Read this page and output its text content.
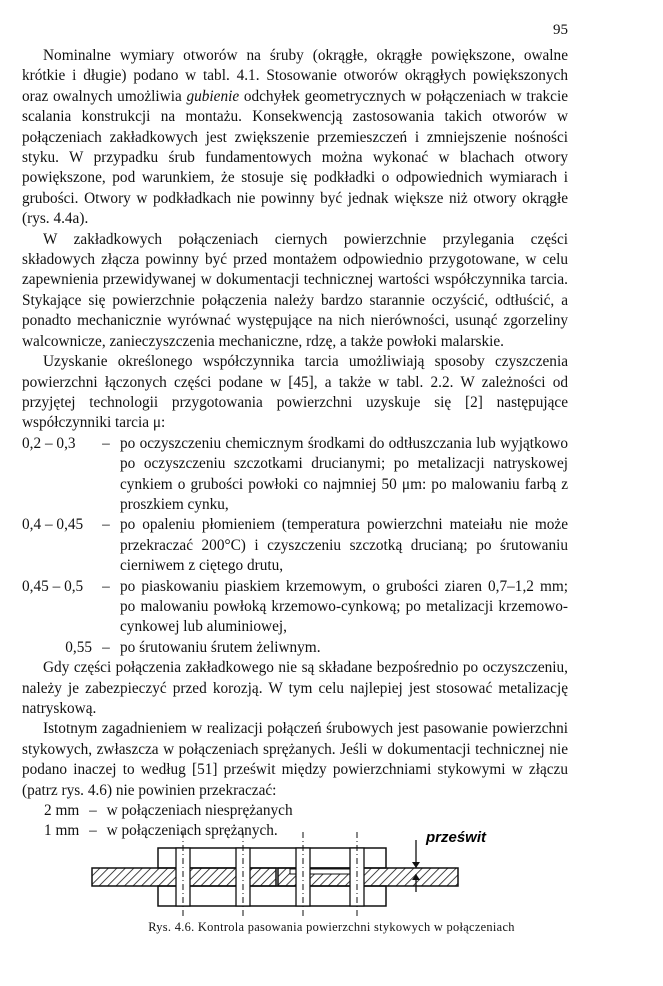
95

Nominalne wymiary otworów na śruby (okrągłe, okrągłe powiększone, owalne krótkie i długie) podano w tabl. 4.1. Stosowanie otworów okrągłych powiększonych oraz owalnych umożliwia gubienie odchyłek geometrycznych w połączeniach w trakcie scalania konstrukcji na montażu. Konsekwencją zastosowania takich otworów w połączeniach zakładkowych jest zwiększenie przemieszczeń i zmniejszenie nośności styku. W przypadku śrub fundamentowych można wykonać w blachach otwory powiększone, pod warunkiem, że stosuje się podkładki o odpowiednich wymiarach i grubości. Otwory w podkładkach nie powinny być jednak większe niż otwory okrągłe (rys. 4.4a).

W zakładkowych połączeniach ciernych powierzchnie przylegania części składowych złącza powinny być przed montażem odpowiednio przygotowane, w celu zapewnienia przewidywanej w dokumentacji technicznej wartości współczynnika tarcia. Stykające się powierzchnie połączenia należy bardzo starannie oczyścić, odtłuścić, a ponadto mechanicznie wyrównać występujące na nich nierówności, usunąć zgorzeliny walcownicze, zanieczyszczenia mechaniczne, rdzę, a także powłoki malarskie.

Uzyskanie określonego współczynnika tarcia umożliwiają sposoby czyszczenia powierzchni łączonych części podane w [45], a także w tabl. 2.2. W zależności od przyjętej technologii przygotowania powierzchni uzyskuje się [2] następujące współczynniki tarcia μ:

0,2 – 0,3	– po oczyszczeniu chemicznym środkami do odtłuszczania lub wyjątkowo po oczyszczeniu szczotkami drucianymi; po metalizacji natryskowej cynkiem o grubości powłoki co najmniej 50 μm: po malowaniu farbą z proszkiem cynku,
0,4 – 0,45	– po opaleniu płomieniem (temperatura powierzchni mateiału nie może przekraczać 200°C) i czyszczeniu szczotką drucianą; po śrutowaniu cierniwem z ciętego drutu,
0,45 – 0,5	– po piaskowaniu piaskiem krzemowym, o grubości ziaren 0,7–1,2 mm; po malowaniu powłoką krzemowo-cynkową; po metalizacji krzemowo-cynkowej lub aluminiowej,
0,55 – po śrutowaniu śrutem żeliwnym.

Gdy części połączenia zakładkowego nie są składane bezpośrednio po oczyszczeniu, należy je zabezpieczyć przed korozją. W tym celu najlepiej jest stosować metalizację natryskową.

Istotnym zagadnieniem w realizacji połączeń śrubowych jest pasowanie powierzchni stykowych, zwłaszcza w połączeniach sprężanych. Jeśli w dokumentacji technicznej nie podano inaczej to według [51] prześwit między powierzchniami stykowymi w złączu (patrz rys. 4.6) nie powinien przekraczać:

2 mm – w połączeniach niesprężanych
1 mm – w połączeniach sprężanych.	prześwit
Rys. 4.6. Kontrola pasowania powierzchni stykowych w połączeniach
